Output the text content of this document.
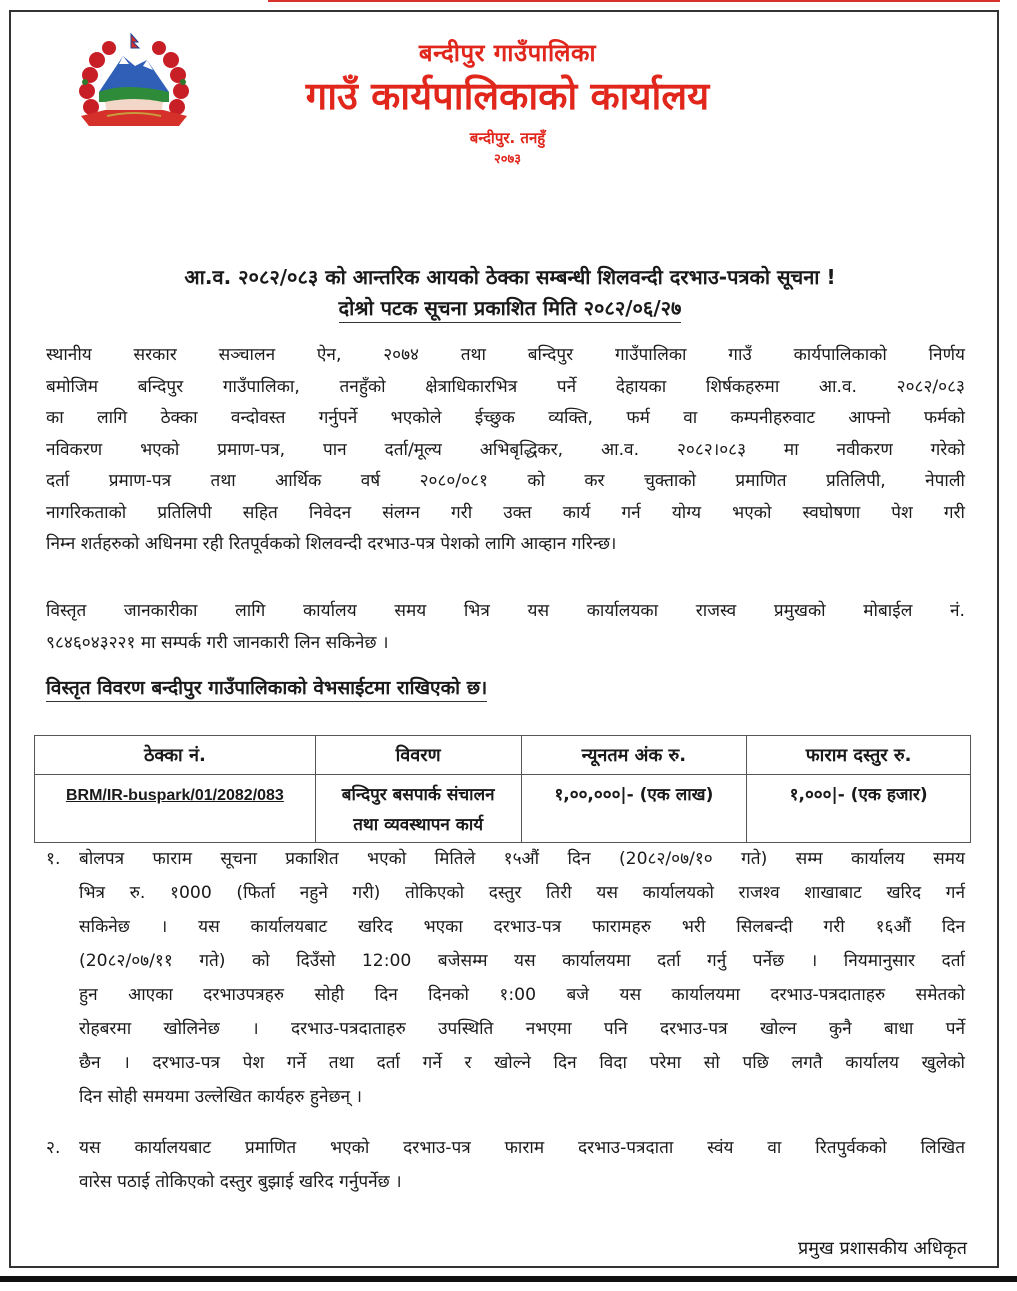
बन्दीपुर गाउँपालिका
गाउँ कार्यपालिकाको कार्यालय
बन्दीपुर. तनहुँ
२०७३
आ.व. २०८२/०८३ को आन्तरिक आयको ठेक्का सम्बन्धी शिलवन्दी दरभाउ-पत्रको सूचना !
दोश्रो पटक सूचना प्रकाशित मिति २०८२/०६/२७
स्थानीय सरकार सञ्चालन ऐन, २०७४ तथा बन्दिपुर गाउँपालिका गाउँ कार्यपालिकाको निर्णय
बमोजिम बन्दिपुर गाउँपालिका, तनहुँको क्षेत्राधिकारभित्र पर्ने देहायका शिर्षकहरुमा आ.व. २०८२/०८३
का लागि ठेक्का वन्दोवस्त गर्नुपर्ने भएकोले ईच्छुक व्यक्ति, फर्म वा कम्पनीहरुवाट आफ्नो फर्मको
नविकरण भएको प्रमाण-पत्र, पान दर्ता/मूल्य अभिबृद्धिकर, आ.व. २०८२।०८३ मा नवीकरण गरेको
दर्ता प्रमाण-पत्र तथा आर्थिक वर्ष २०८०/०८१ को कर चुक्ताको प्रमाणित प्रतिलिपी, नेपाली
नागरिकताको प्रतिलिपी सहित निवेदन संलग्न गरी उक्त कार्य गर्न योग्य भएको स्वघोषणा पेश गरी
निम्न शर्तहरुको अधिनमा रही रितपूर्वकको शिलवन्दी दरभाउ-पत्र पेशको लागि आव्हान गरिन्छ।
विस्तृत जानकारीका लागि कार्यालय समय भित्र यस कार्यालयका राजस्व प्रमुखको मोबाईल नं.
९८४६०४३२२१ मा सम्पर्क गरी जानकारी लिन सकिनेछ ।
विस्तृत विवरण बन्दीपुर गाउँपालिकाको वेभसाईटमा राखिएको छ।
ठेक्का नं.	विवरण	न्यूनतम अंक रु.	फाराम दस्तुर रु.
BRM/IR-buspark/01/2082/083	बन्दिपुर बसपार्क संचालन
तथा व्यवस्थापन कार्य	१,००,०००|- (एक लाख)	१,०००|- (एक हजार)
१. बोलपत्र फाराम सूचना प्रकाशित भएको मितिले १५औं दिन (20८२/०७/१० गते) सम्म कार्यालय समय
भित्र रु. १000 (फिर्ता नहुने गरी) तोकिएको दस्तुर तिरी यस कार्यालयको राजश्व शाखाबाट खरिद गर्न
सकिनेछ । यस कार्यालयबाट खरिद भएका दरभाउ-पत्र फारामहरु भरी सिलबन्दी गरी १६औं दिन
(20८२/०७/११ गते) को दिउँसो 12:00 बजेसम्म यस कार्यालयमा दर्ता गर्नु पर्नेछ । नियमानुसार दर्ता
हुन आएका दरभाउपत्रहरु सोही दिन दिनको १:00 बजे यस कार्यालयमा दरभाउ-पत्रदाताहरु समेतको
रोहबरमा खोलिनेछ । दरभाउ-पत्रदाताहरु उपस्थिति नभएमा पनि दरभाउ-पत्र खोल्न कुनै बाधा पर्ने
छैन । दरभाउ-पत्र पेश गर्ने तथा दर्ता गर्ने र खोल्ने दिन विदा परेमा सो पछि लगतै कार्यालय खुलेको
दिन सोही समयमा उल्लेखित कार्यहरु हुनेछन् ।
२. यस कार्यालयबाट प्रमाणित भएको दरभाउ-पत्र फाराम दरभाउ-पत्रदाता स्वंय वा रितपुर्वकको लिखित
वारेस पठाई तोकिएको दस्तुर बुझाई खरिद गर्नुपर्नेछ ।
प्रमुख प्रशासकीय अधिकृत
